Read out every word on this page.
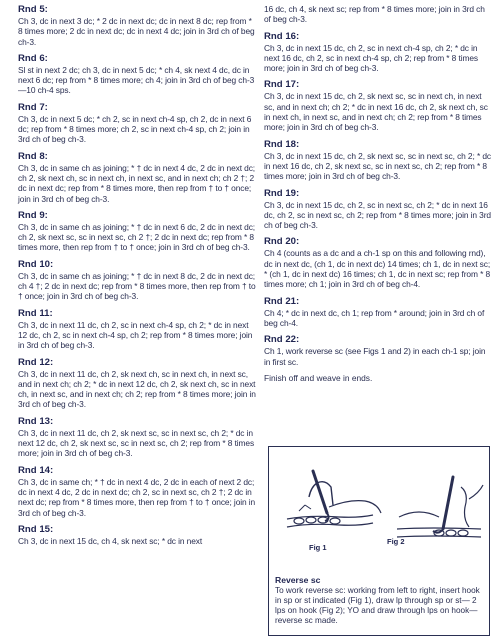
Rnd 5:

Ch 3, dc in next 3 dc; * 2 dc in next dc; dc in next 8 dc; rep from * 8 times more; 2 dc in next dc; dc in next 4 dc; join in 3rd ch of beg ch-3.

Rnd 6:

Sl st in next 2 dc; ch 3, dc in next 5 dc; * ch 4, sk next 4 dc, dc in next 6 dc; rep from * 8 times more; ch 4; join in 3rd ch of beg ch-3—10 ch-4 sps.

Rnd 7:

Ch 3, dc in next 5 dc; * ch 2, sc in next ch-4 sp, ch 2, dc in next 6 dc; rep from * 8 times more; ch 2, sc in next ch-4 sp, ch 2; join in 3rd ch of beg ch-3.

Rnd 8:

Ch 3, dc in same ch as joining; * † dc in next 4 dc, 2 dc in next dc; ch 2, sk next ch, sc in next ch, in next sc, and in next ch; ch 2 †; 2 dc in next dc; rep from * 8 times more, then rep from † to † once; join in 3rd ch of beg ch-3.

Rnd 9:

Ch 3, dc in same ch as joining; * † dc in next 6 dc, 2 dc in next dc; ch 2, sk next sc, sc in next sc, ch 2 †; 2 dc in next dc; rep from * 8 times more, then rep from † to † once; join in 3rd ch of beg ch-3.

Rnd 10:

Ch 3, dc in same ch as joining; * † dc in next 8 dc, 2 dc in next dc; ch 4 †; 2 dc in next dc; rep from * 8 times more, then rep from † to † once; join in 3rd ch of beg ch-3.

Rnd 11:

Ch 3, dc in next 11 dc, ch 2, sc in next ch-4 sp, ch 2; * dc in next 12 dc, ch 2, sc in next ch-4 sp, ch 2; rep from * 8 times more; join in 3rd ch of beg ch-3.

Rnd 12:

Ch 3, dc in next 11 dc, ch 2, sk next ch, sc in next ch, in next sc, and in next ch; ch 2; * dc in next 12 dc, ch 2, sk next ch, sc in next ch, in next sc, and in next ch; ch 2; rep from * 8 times more; join in 3rd ch of beg ch-3.

Rnd 13:

Ch 3, dc in next 11 dc, ch 2, sk next sc, sc in next sc, ch 2; * dc in next 12 dc, ch 2, sk next sc, sc in next sc, ch 2; rep from * 8 times more; join in 3rd ch of beg ch-3.

Rnd 14:

Ch 3, dc in same ch; * † dc in next 4 dc, 2 dc in each of next 2 dc; dc in next 4 dc, 2 dc in next dc; ch 2, sc in next sc, ch 2 †; 2 dc in next dc; rep from * 8 times more, then rep from † to † once; join in 3rd ch of beg ch-3.

Rnd 15:

Ch 3, dc in next 15 dc, ch 4, sk next sc; * dc in next

16 dc, ch 4, sk next sc; rep from * 8 times more; join in 3rd ch of beg ch-3.

Rnd 16:

Ch 3, dc in next 15 dc, ch 2, sc in next ch-4 sp, ch 2; * dc in next 16 dc, ch 2, sc in next ch-4 sp, ch 2; rep from * 8 times more; join in 3rd ch of beg ch-3.

Rnd 17:

Ch 3, dc in next 15 dc, ch 2, sk next sc, sc in next ch, in next sc, and in next ch; ch 2; * dc in next 16 dc, ch 2, sk next ch, sc in next ch, in next sc, and in next ch; ch 2; rep from * 8 times more; join in 3rd ch of beg ch-3.

Rnd 18:

Ch 3, dc in next 15 dc, ch 2, sk next sc, sc in next sc, ch 2; * dc in next 16 dc, ch 2, sk next sc, sc in next sc, ch 2; rep from * 8 times more; join in 3rd ch of beg ch-3.

Rnd 19:

Ch 3, dc in next 15 dc, ch 2, sc in next sc, ch 2; * dc in next 16 dc, ch 2, sc in next sc, ch 2; rep from * 8 times more; join in 3rd ch of beg ch-3.

Rnd 20:

Ch 4 (counts as a dc and a ch-1 sp on this and following rnd), dc in next dc, (ch 1, dc in next dc) 14 times; ch 1, dc in next sc; * (ch 1, dc in next dc) 16 times; ch 1, dc in next sc; rep from * 8 times more; ch 1; join in 3rd ch of beg ch-4.

Rnd 21:

Ch 4; * dc in next dc, ch 1; rep from * around; join in 3rd ch of beg ch-4.

Rnd 22:

Ch 1, work reverse sc (see Figs 1 and 2) in each ch-1 sp; join in first sc.

Finish off and weave in ends.

Fig 1
Fig 2
Reverse sc

To work reverse sc: working from left to right, insert hook in sp or st indicated (Fig 1), draw lp through sp or st— 2 lps on hook (Fig 2); YO and draw through lps on hook—reverse sc made.
